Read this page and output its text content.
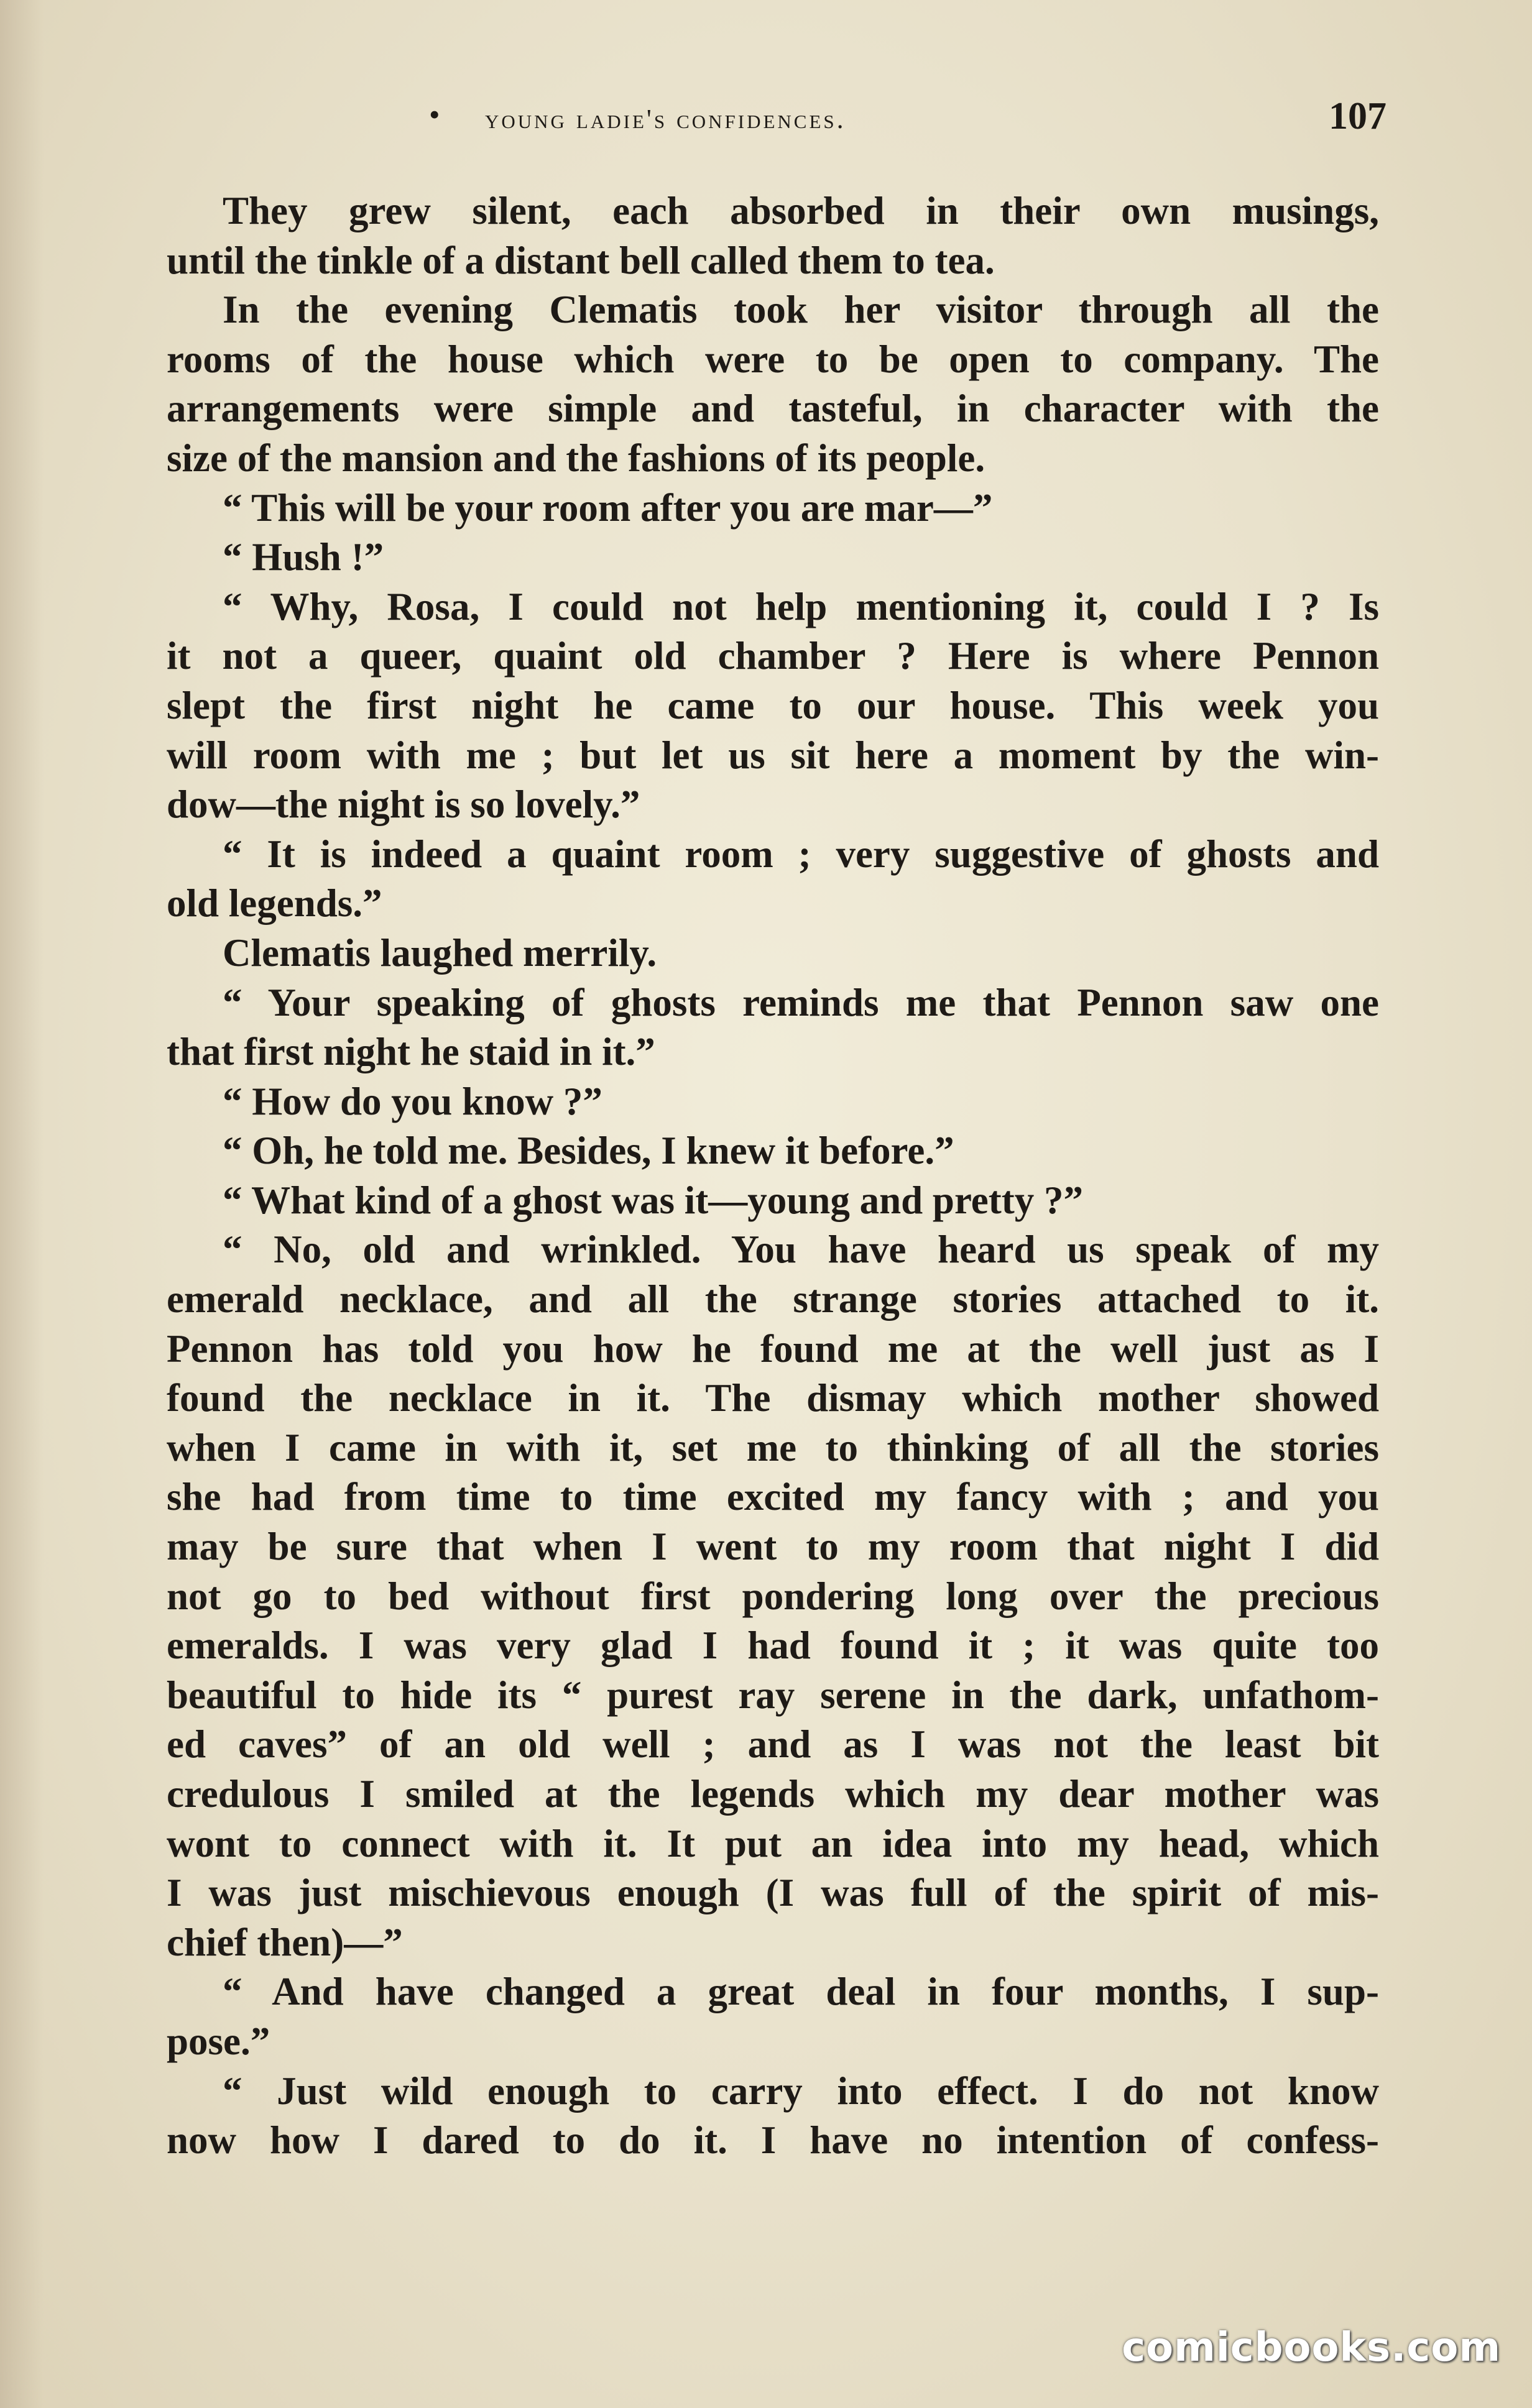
• young ladie's confidences.	107
They grew silent, each absorbed in their own musings,
until the tinkle of a distant bell called them to tea.
In the evening Clematis took her visitor through all the
rooms of the house which were to be open to company. The
arrangements were simple and tasteful, in character with the
size of the mansion and the fashions of its people.
“ This will be your room after you are mar—”
“ Hush !”
“ Why, Rosa, I could not help mentioning it, could I ? Is
it not a queer, quaint old chamber ? Here is where Pennon
slept the first night he came to our house. This week you
will room with me ; but let us sit here a moment by the win-
dow—the night is so lovely.”
“ It is indeed a quaint room ; very suggestive of ghosts and
old legends.”
Clematis laughed merrily.
“ Your speaking of ghosts reminds me that Pennon saw one
that first night he staid in it.”
“ How do you know ?”
“ Oh, he told me. Besides, I knew it before.”
“ What kind of a ghost was it—young and pretty ?”
“ No, old and wrinkled. You have heard us speak of my
emerald necklace, and all the strange stories attached to it.
Pennon has told you how he found me at the well just as I
found the necklace in it. The dismay which mother showed
when I came in with it, set me to thinking of all the stories
she had from time to time excited my fancy with ; and you
may be sure that when I went to my room that night I did
not go to bed without first pondering long over the precious
emeralds. I was very glad I had found it ; it was quite too
beautiful to hide its “ purest ray serene in the dark, unfathom-
ed caves” of an old well ; and as I was not the least bit
credulous I smiled at the legends which my dear mother was
wont to connect with it. It put an idea into my head, which
I was just mischievous enough (I was full of the spirit of mis-
chief then)—”
“ And have changed a great deal in four months, I sup-
pose.”
“ Just wild enough to carry into effect. I do not know
now how I dared to do it. I have no intention of confess-
comicbooks.com
